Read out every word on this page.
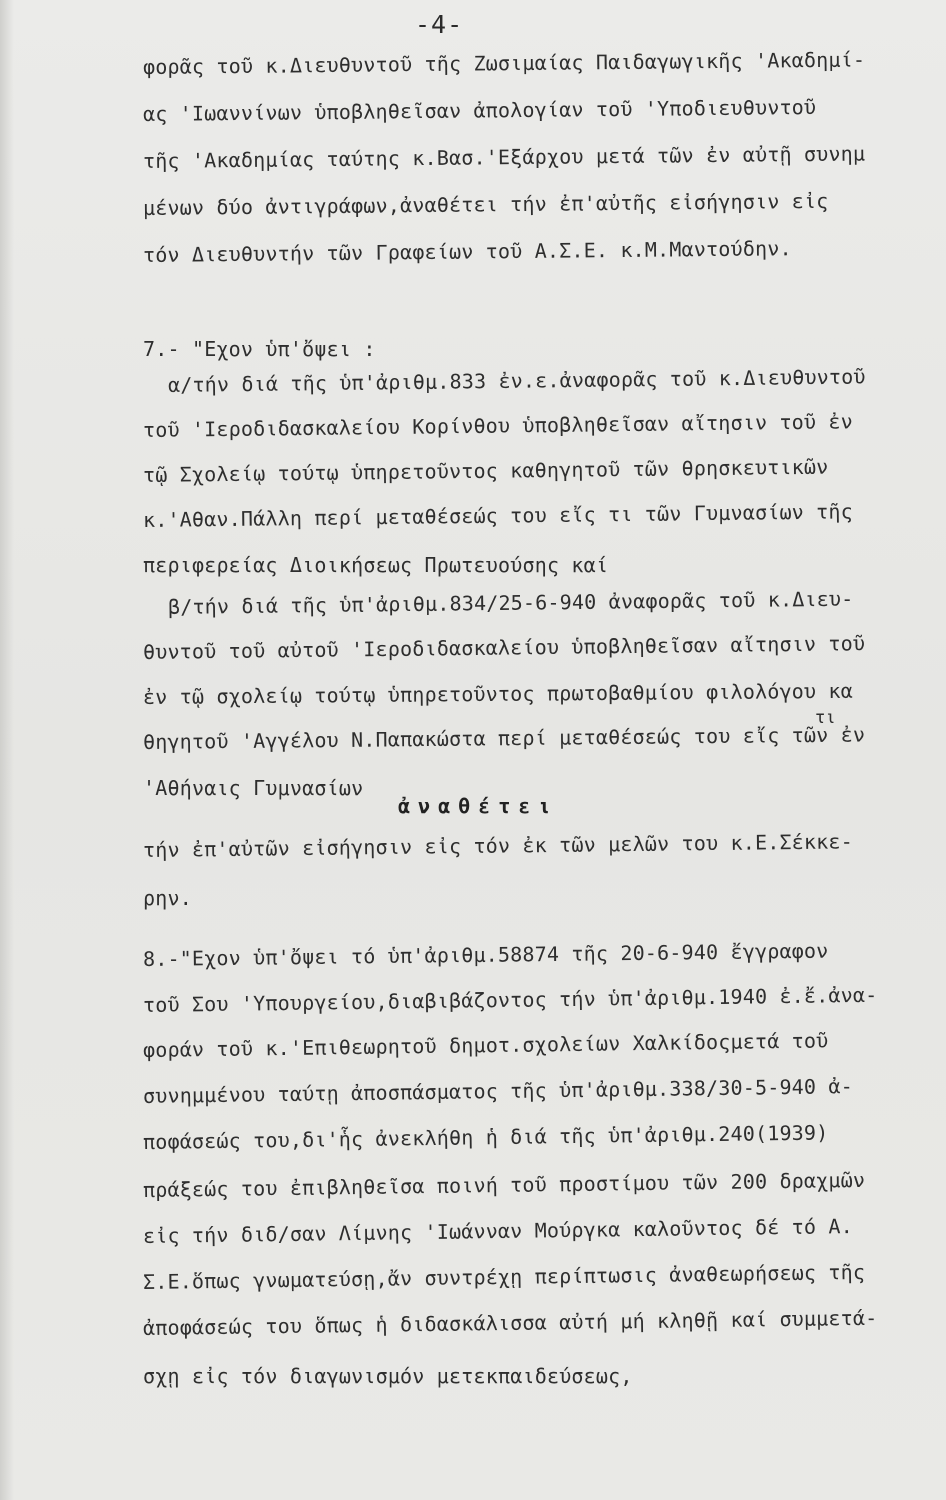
-4-
φορᾶς τοῦ κ.Διευθυντοῦ τῆς Ζωσιμαίας Παιδαγωγικῆς 'Ακαδημί-
ας 'Ιωαννίνων ὑποβληθεῖσαν ἀπολογίαν τοῦ 'Υποδιευθυντοῦ
τῆς 'Ακαδημίας ταύτης κ.Βασ.'Εξάρχου μετά τῶν ἐν αὐτῇ συνημ
μένων δύο ἀντιγράφων,ἀναθέτει τήν ἐπ'αὐτῆς εἰσήγησιν εἰς
τόν Διευθυντήν τῶν Γραφείων τοῦ Α.Σ.Ε. κ.Μ.Μαντούδην.
7.- "Εχον ὑπ'ὄψει :
α/τήν διά τῆς ὑπ'ἀριθμ.833 ἐν.ε.ἀναφορᾶς τοῦ κ.Διευθυντοῦ
τοῦ 'Ιεροδιδασκαλείου Κορίνθου ὑποβληθεῖσαν αἴτησιν τοῦ ἐν
τῷ Σχολείῳ τούτῳ ὑπηρετοῦντος καθηγητοῦ τῶν θρησκευτικῶν
κ.'Αθαν.Πάλλη περί μεταθέσεώς του εἴς τι τῶν Γυμνασίων τῆς
περιφερείας Διοικήσεως Πρωτευούσης καί
β/τήν διά τῆς ὑπ'ἀριθμ.834/25-6-940 ἀναφορᾶς τοῦ κ.Διευ-
θυντοῦ τοῦ αὐτοῦ 'Ιεροδιδασκαλείου ὑποβληθεῖσαν αἴτησιν τοῦ
ἐν τῷ σχολείῳ τούτῳ ὑπηρετοῦντος πρωτοβαθμίου φιλολόγου κα
τι
θηγητοῦ 'Αγγέλου Ν.Παπακώστα περί μεταθέσεώς του εἴς τῶν ἐν
'Αθήναις Γυμνασίων
ἀναθέτει
τήν ἐπ'αὐτῶν εἰσήγησιν εἰς τόν ἐκ τῶν μελῶν του κ.Ε.Σέκκε-
ρην.
8.-"Εχον ὑπ'ὄψει τό ὑπ'ἀριθμ.58874 τῆς 20-6-940 ἔγγραφον
τοῦ Σου 'Υπουργείου,διαβιβάζοντος τήν ὑπ'ἀριθμ.1940 ἐ.ἔ.ἀνα-
φοράν τοῦ κ.'Επιθεωρητοῦ δημοτ.σχολείων Χαλκίδοςμετά τοῦ
συνημμένου ταύτῃ ἀποσπάσματος τῆς ὑπ'ἀριθμ.338/30-5-940 ἀ-
ποφάσεώς του,δι'ἧς ἀνεκλήθη ἡ διά τῆς ὑπ'ἀριθμ.240(1939)
πράξεώς του ἐπιβληθεῖσα ποινή τοῦ προστίμου τῶν 200 δραχμῶν
εἰς τήν διδ/σαν Λίμνης 'Ιωάνναν Μούργκα καλοῦντος δέ τό Α.
Σ.Ε.ὅπως γνωματεύσῃ,ἄν συντρέχῃ περίπτωσις ἀναθεωρήσεως τῆς
ἀποφάσεώς του ὅπως ἡ διδασκάλισσα αὐτή μή κληθῇ καί συμμετά-
σχῃ εἰς τόν διαγωνισμόν μετεκπαιδεύσεως,
